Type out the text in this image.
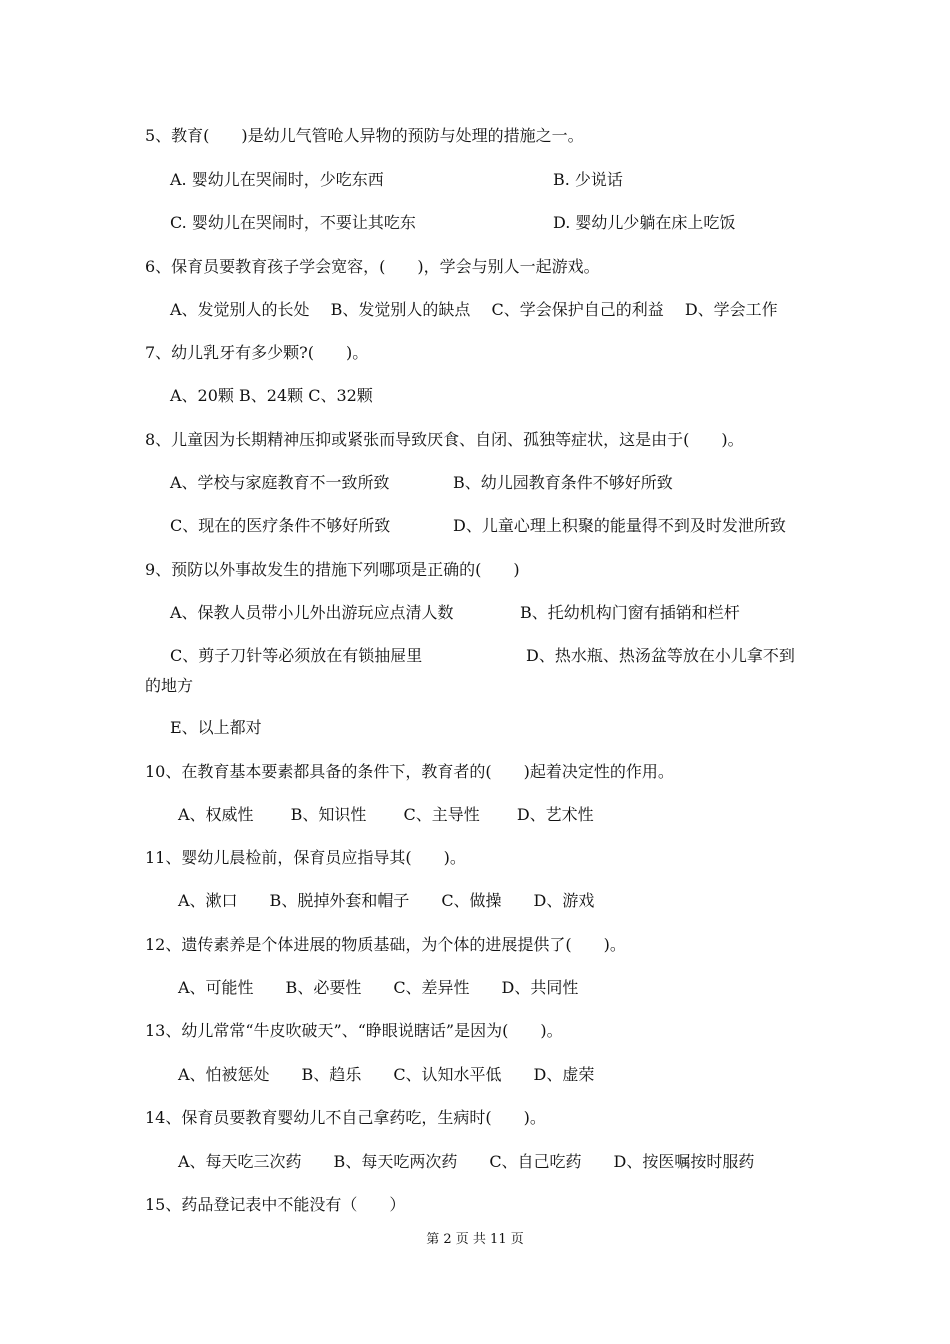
5、教育(　　)是幼儿气管呛人异物的预防与处理的措施之一。
A. 婴幼儿在哭闹时，少吃东西	B. 少说话
C. 婴幼儿在哭闹时，不要让其吃东	D. 婴幼儿少躺在床上吃饭
6、保育员要教育孩子学会宽容，(　　)，学会与别人一起游戏。
A、发觉别人的长处　 B、发觉别人的缺点　 C、学会保护自己的利益　 D、学会工作
7、幼儿乳牙有多少颗?(　　)。
A、20颗 B、24颗 C、32颗
8、儿童因为长期精神压抑或紧张而导致厌食、自闭、孤独等症状，这是由于(　　)。
A、学校与家庭教育不一致所致	B、幼儿园教育条件不够好所致
C、现在的医疗条件不够好所致	D、儿童心理上积聚的能量得不到及时发泄所致
9、预防以外事故发生的措施下列哪项是正确的(　　)
A、保教人员带小儿外出游玩应点清人数	B、托幼机构门窗有插销和栏杆
C、剪子刀针等必须放在有锁抽屉里	D、热水瓶、热汤盆等放在小儿拿不到
的地方
E、以上都对
10、在教育基本要素都具备的条件下，教育者的(　　)起着决定性的作用。
A、权威性　　 B、知识性　　 C、主导性　　 D、艺术性
11、婴幼儿晨检前，保育员应指导其(　　)。
A、漱口　　B、脱掉外套和帽子　　C、做操　　D、游戏
12、遗传素养是个体进展的物质基础，为个体的进展提供了(　　)。
A、可能性　　B、必要性　　C、差异性　　D、共同性
13、幼儿常常“牛皮吹破天”、“睁眼说瞎话”是因为(　　)。
A、怕被惩处　　B、趋乐　　C、认知水平低　　D、虚荣
14、保育员要教育婴幼儿不自己拿药吃，生病时(　　)。
A、每天吃三次药　　B、每天吃两次药　　C、自己吃药　　D、按医嘱按时服药
15、药品登记表中不能没有（　　）
第 2 页 共 11 页
